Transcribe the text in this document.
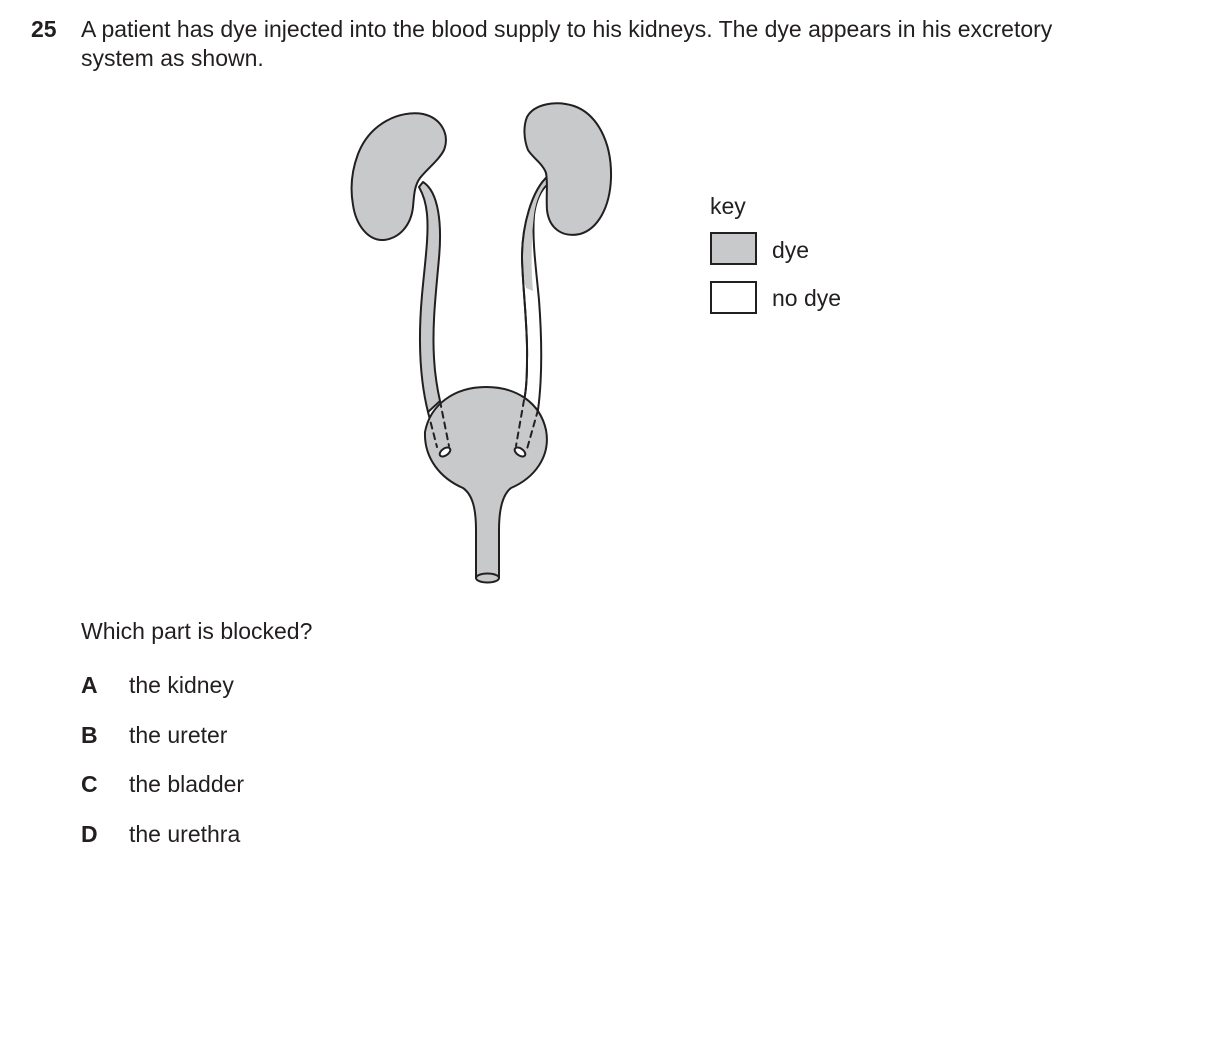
25 A patient has dye injected into the blood supply to his kidneys. The dye appears in his excretory
system as shown.
key
dye
no dye
Which part is blocked?
A the kidney
B the ureter
C the bladder
D the urethra
